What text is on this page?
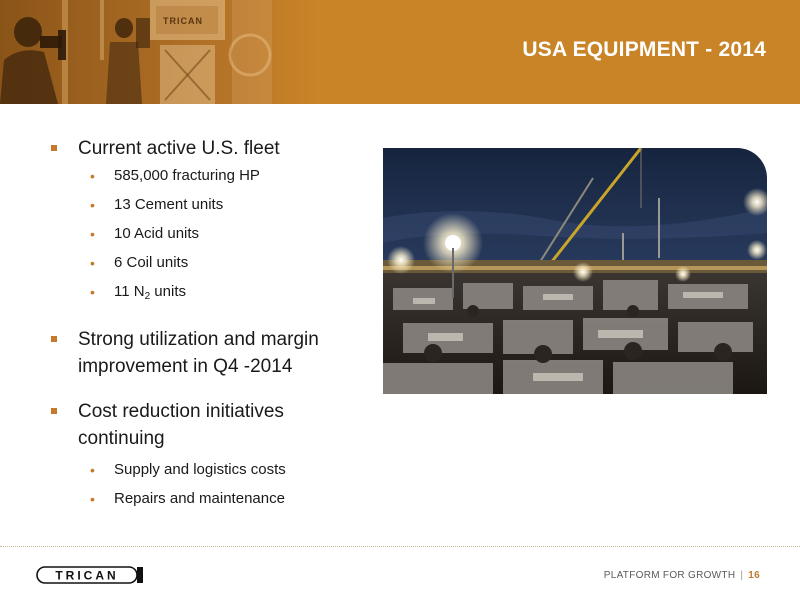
TRICAN
USA EQUIPMENT - 2014
Current active U.S. fleet
• 585,000 fracturing HP
• 13 Cement units
• 10 Acid units
• 6 Coil units
• 11 $N_2$ units
Strong utilization and margin
improvement in Q4 -2014
Cost reduction initiatives
continuing
• Supply and logistics costs
• Repairs and maintenance
TRICAN	PLATFORM FOR GROWTH | 16
